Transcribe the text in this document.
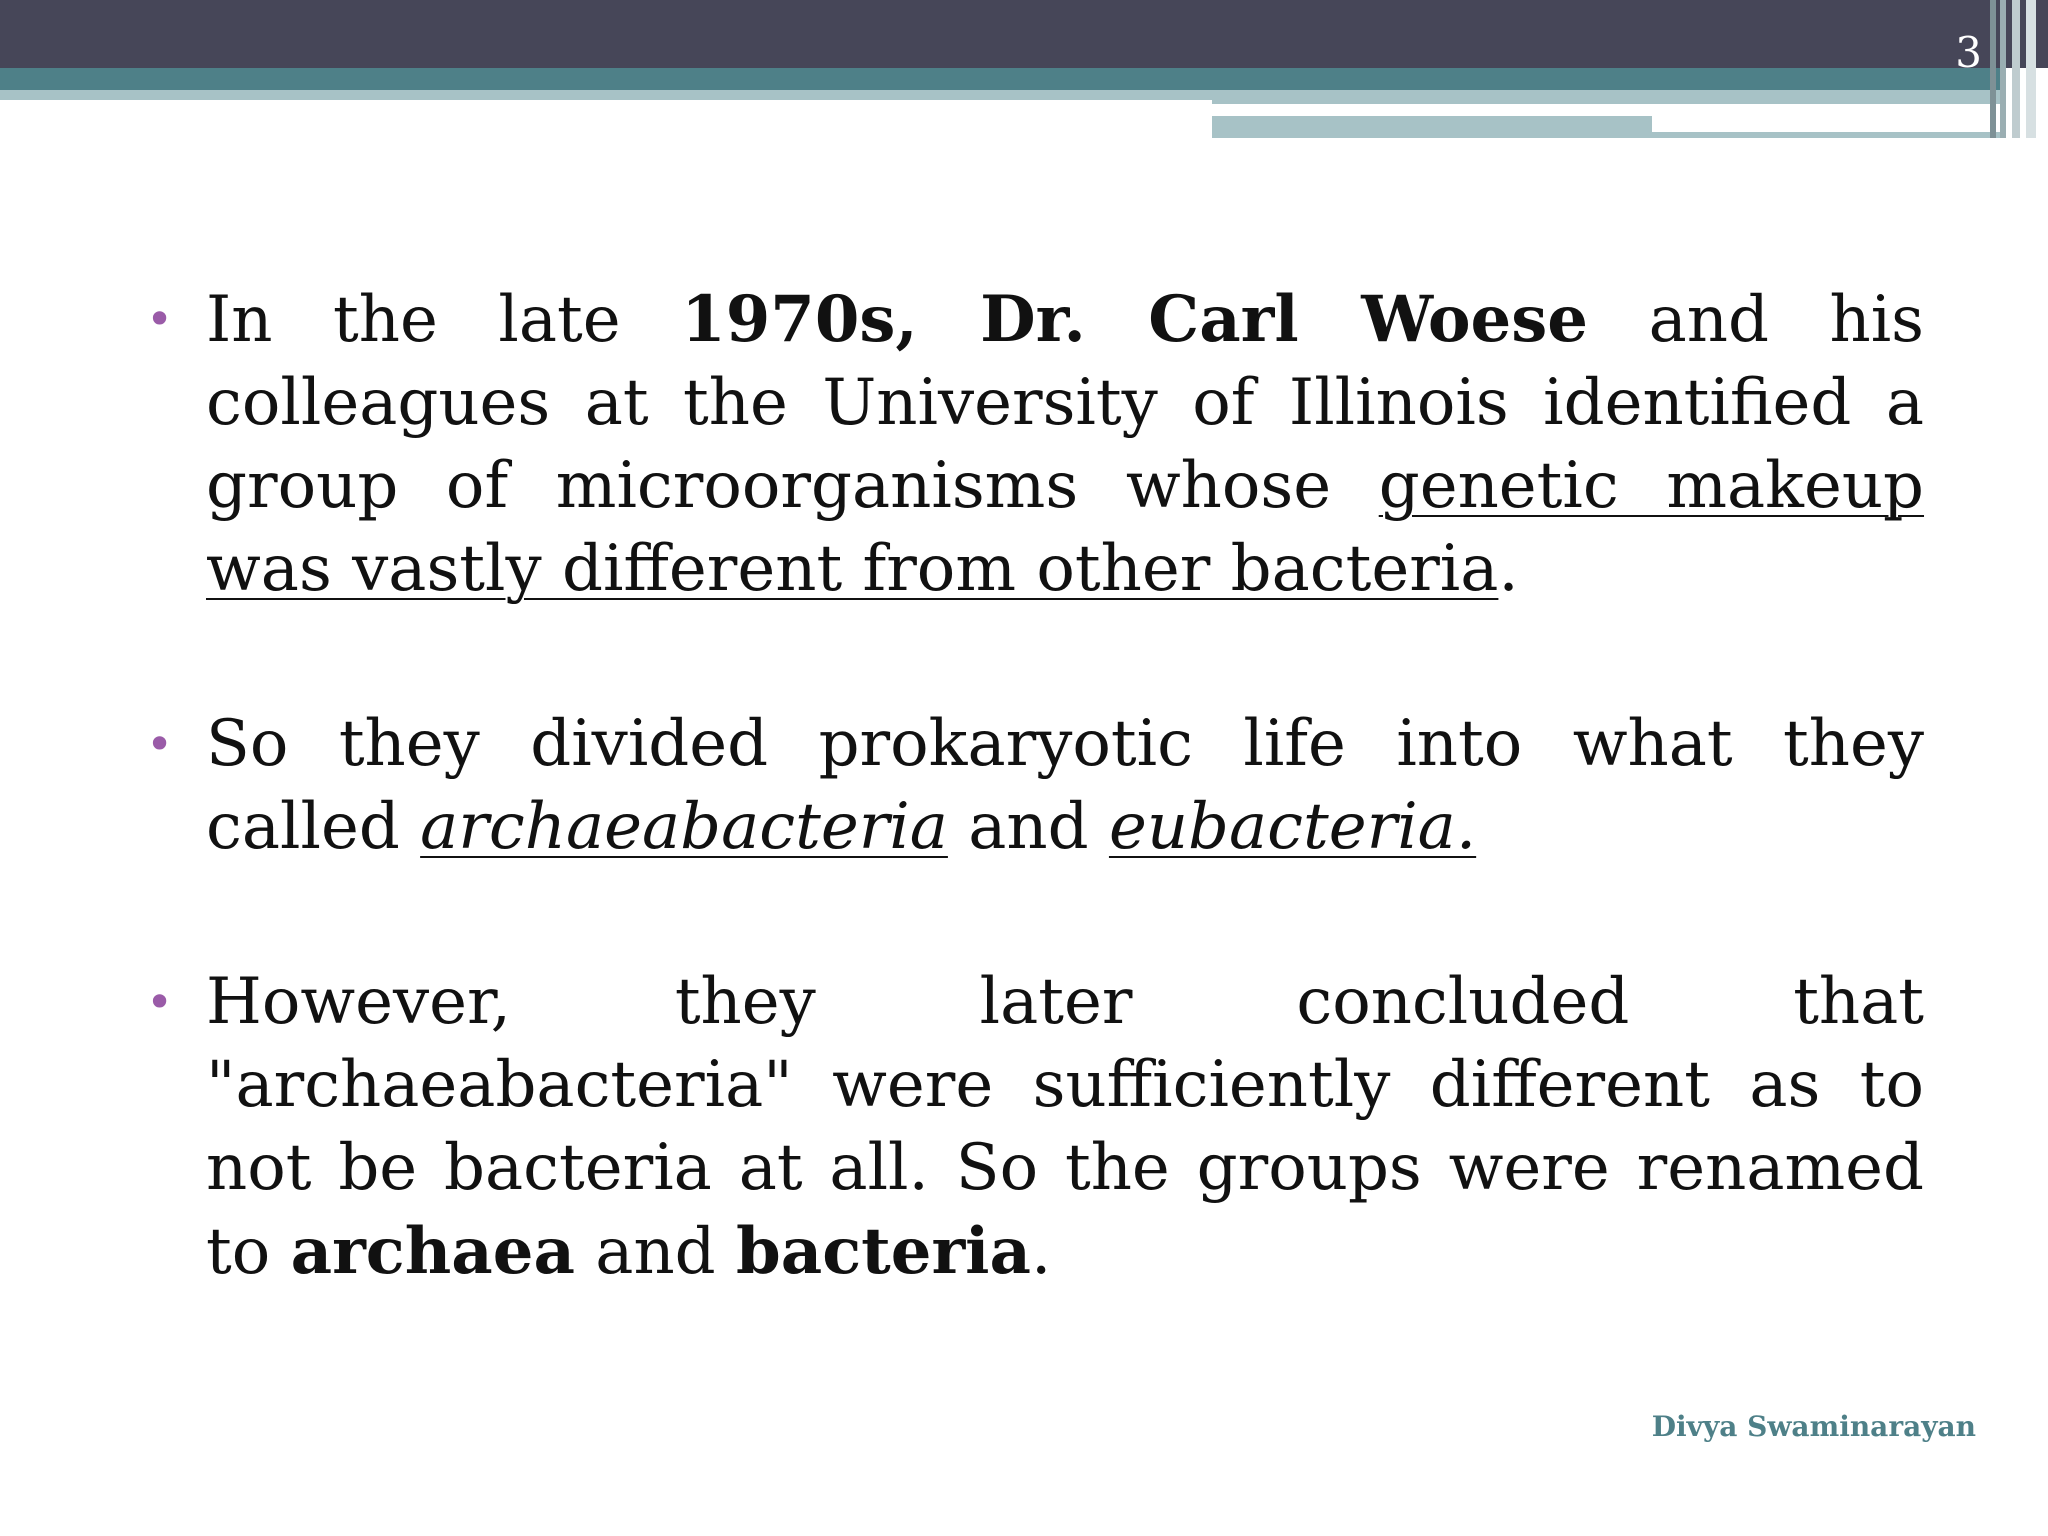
3
• In the late 1970s, Dr. Carl Woese and his colleagues at the University of Illinois identified a group of microorganisms whose genetic makeup was vastly different from other bacteria.
• So they divided prokaryotic life into what they called archaeabacteria and eubacteria.
• However, they later concluded that "archaeabacteria" were sufficiently different as to not be bacteria at all. So the groups were renamed to archaea and bacteria.
Divya Swaminarayan
